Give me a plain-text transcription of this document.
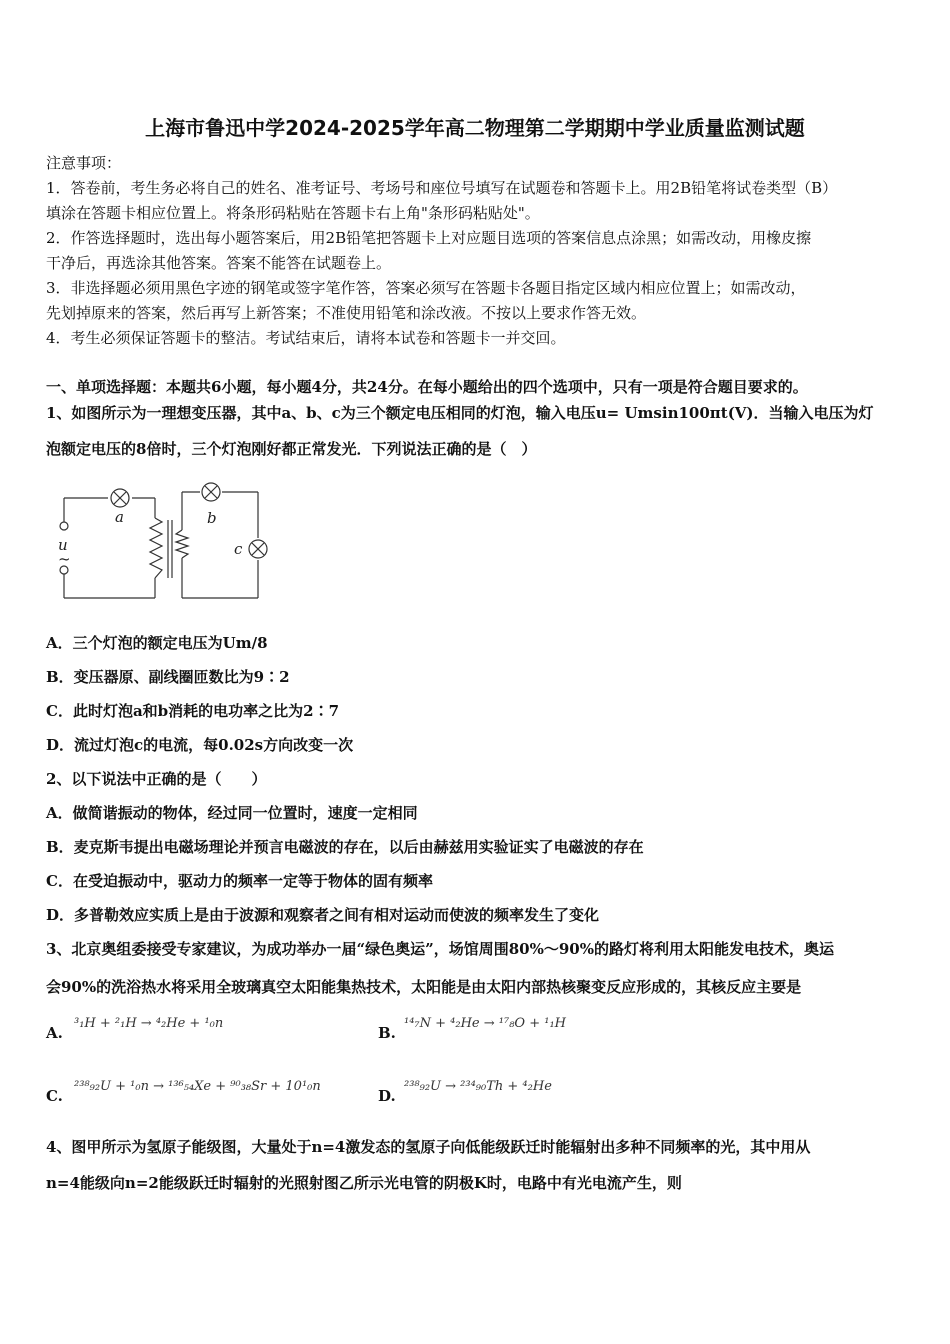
上海市鲁迅中学2024-2025学年高二物理第二学期期中学业质量监测试题
注意事项：
1．答卷前，考生务必将自己的姓名、准考证号、考场号和座位号填写在试题卷和答题卡上。用2B铅笔将试卷类型（B）
填涂在答题卡相应位置上。将条形码粘贴在答题卡右上角"条形码粘贴处"。
2．作答选择题时，选出每小题答案后，用2B铅笔把答题卡上对应题目选项的答案信息点涂黑；如需改动，用橡皮擦
干净后，再选涂其他答案。答案不能答在试题卷上。
3．非选择题必须用黑色字迹的钢笔或签字笔作答，答案必须写在答题卡各题目指定区域内相应位置上；如需改动，
先划掉原来的答案，然后再写上新答案；不准使用铅笔和涂改液。不按以上要求作答无效。
4．考生必须保证答题卡的整洁。考试结束后，请将本试卷和答题卡一并交回。
一、单项选择题：本题共6小题，每小题4分，共24分。在每小题给出的四个选项中，只有一项是符合题目要求的。
1、如图所示为一理想变压器，其中a、b、c为三个额定电压相同的灯泡，输入电压u= Umsin100πt(V)．当输入电压为灯
泡额定电压的8倍时，三个灯泡刚好都正常发光．下列说法正确的是（　）
u
~
a	b
c
A．三个灯泡的额定电压为Um/8
B．变压器原、副线圈匝数比为9∶2
C．此时灯泡a和b消耗的电功率之比为2∶7
D．流过灯泡c的电流，每0.02s方向改变一次
2、以下说法中正确的是（　　）
A．做简谐振动的物体，经过同一位置时，速度一定相同
B．麦克斯韦提出电磁场理论并预言电磁波的存在，以后由赫兹用实验证实了电磁波的存在
C．在受迫振动中，驱动力的频率一定等于物体的固有频率
D．多普勒效应实质上是由于波源和观察者之间有相对运动而使波的频率发生了变化
3、北京奥组委接受专家建议，为成功举办一届“绿色奥运”，场馆周围80%～90%的路灯将利用太阳能发电技术，奥运
会90%的洗浴热水将采用全玻璃真空太阳能集热技术，太阳能是由太阳内部热核聚变反应形成的，其核反应主要是
A.
³₁H + ²₁H → ⁴₂He + ¹₀n
B.
¹⁴₇N + ⁴₂He → ¹⁷₈O + ¹₁H
C.
²³⁸₉₂U + ¹₀n → ¹³⁶₅₄Xe + ⁹⁰₃₈Sr + 10¹₀n
D.
²³⁸₉₂U → ²³⁴₉₀Th + ⁴₂He
4、图甲所示为氢原子能级图，大量处于n=4激发态的氢原子向低能级跃迁时能辐射出多种不同频率的光，其中用从
n=4能级向n=2能级跃迁时辐射的光照射图乙所示光电管的阴极K时，电路中有光电流产生，则
